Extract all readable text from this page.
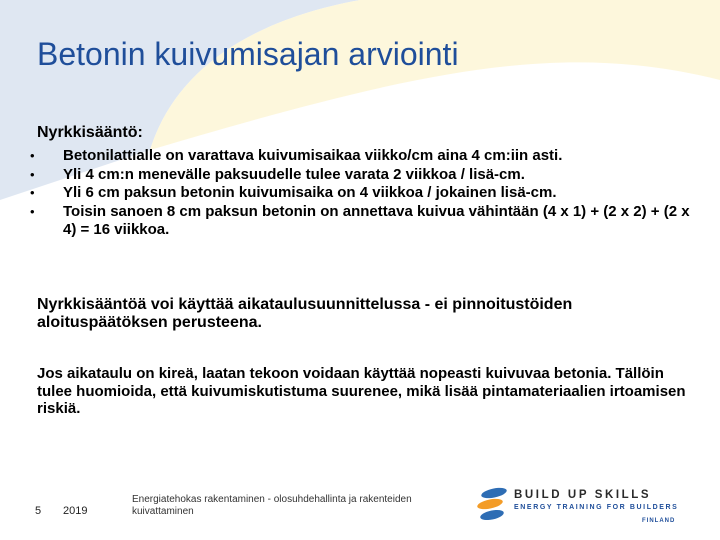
Betonin kuivumisajan arviointi
Nyrkkisääntö:
• Betonilattialle on varattava kuivumisaikaa viikko/cm aina 4 cm:iin asti.
• Yli 4 cm:n menevälle paksuudelle tulee varata 2 viikkoa / lisä-cm.
• Yli 6 cm paksun betonin kuivumisaika on 4 viikkoa / jokainen lisä-cm.
• Toisin sanoen 8 cm paksun betonin on annettava kuivua vähintään (4 x 1) + (2 x 2) + (2 x 4) = 16 viikkoa.

Nyrkkisääntöä voi käyttää aikataulusuunnittelussa - ei pinnoitustöiden aloituspäätöksen perusteena.

Jos aikataulu on kireä, laatan tekoon voidaan käyttää nopeasti kuivuvaa betonia. Tällöin tulee huomioida, että kuivumiskutistuma suurenee, mikä lisää pintamateriaalien irtoamisen riskiä.

5 2019
Energiatehokas rakentaminen - olosuhdehallinta ja rakenteiden kuivattaminen
BUILD UP SKILLS
ENERGY TRAINING FOR BUILDERS
FINLAND
